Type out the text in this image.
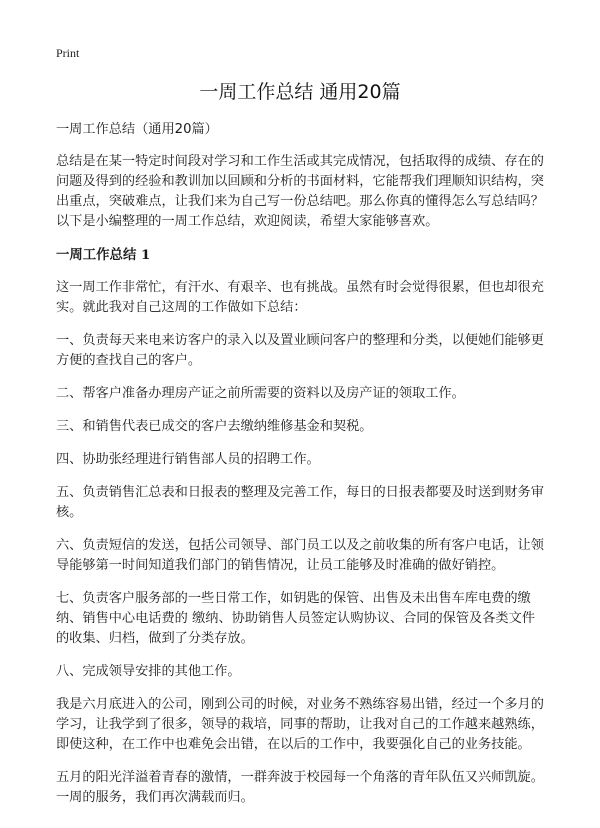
Print
一周工作总结 通用20篇

一周工作总结（通用20篇）

总结是在某一特定时间段对学习和工作生活或其完成情况，包括取得的成绩、存在的问题及得到的经验和教训加以回顾和分析的书面材料，它能帮我们理顺知识结构，突出重点，突破难点，让我们来为自己写一份总结吧。那么你真的懂得怎么写总结吗？以下是小编整理的一周工作总结，欢迎阅读，希望大家能够喜欢。

一周工作总结 1

这一周工作非常忙，有汗水、有艰辛、也有挑战。虽然有时会觉得很累，但也却很充实。就此我对自己这周的工作做如下总结：

一、负责每天来电来访客户的录入以及置业顾问客户的整理和分类，以便她们能够更方便的查找自己的客户。

二、帮客户准备办理房产证之前所需要的资料以及房产证的领取工作。

三、和销售代表已成交的客户去缴纳维修基金和契税。

四、协助张经理进行销售部人员的招聘工作。

五、负责销售汇总表和日报表的整理及完善工作，每日的日报表都要及时送到财务审核。

六、负责短信的发送，包括公司领导、部门员工以及之前收集的所有客户电话，让领导能够第一时间知道我们部门的销售情况，让员工能够及时准确的做好销控。

七、负责客户服务部的一些日常工作，如钥匙的保管、出售及未出售车库电费的缴纳、销售中心电话费的 缴纳、协助销售人员签定认购协议、合同的保管及各类文件的收集、归档，做到了分类存放。

八、完成领导安排的其他工作。

我是六月底进入的公司，刚到公司的时候，对业务不熟练容易出错，经过一个多月的学习，让我学到了很多，领导的栽培，同事的帮助，让我对自己的工作越来越熟练，即使这种，在工作中也难免会出错，在以后的工作中，我要强化自己的业务技能。

五月的阳光洋溢着青春的激情，一群奔波于校园每一个角落的青年队伍又兴师凯旋。一周的服务，我们再次满载而归。
